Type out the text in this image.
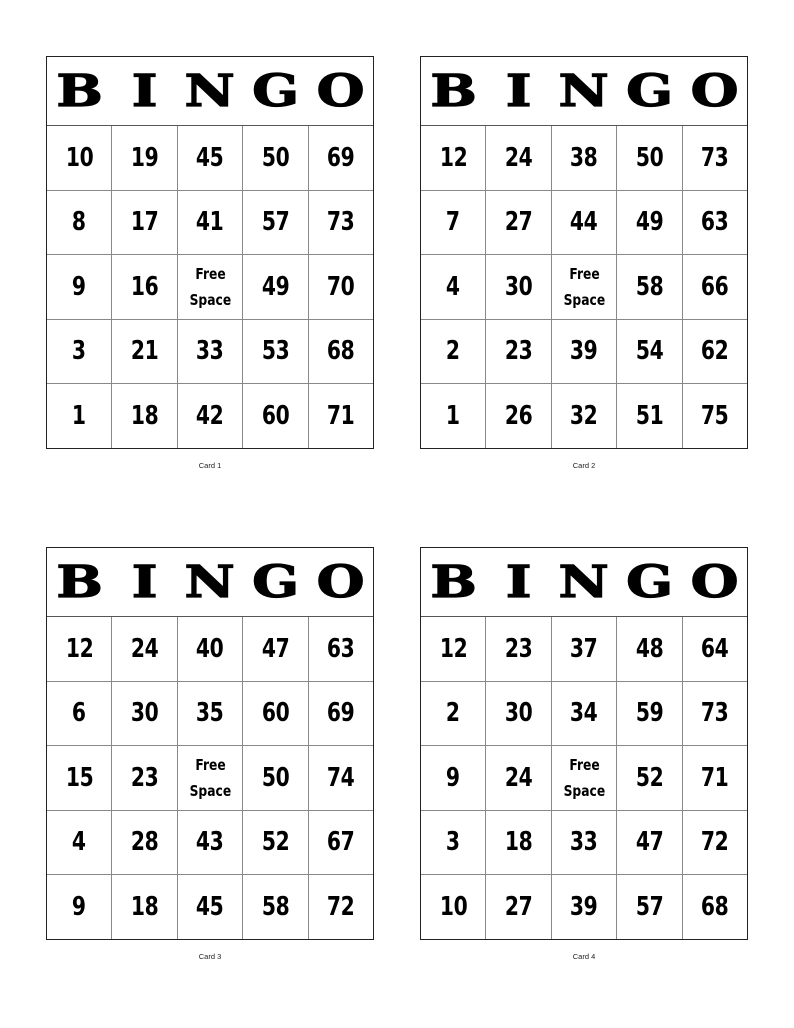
B I N G O
10 19 45 50 69
8 17 41 57 73
9 16 Free
Space 49 70
3 21 33 53 68
1 18 42 60 71
Card 1
B I N G O
12 24 38 50 73
7 27 44 49 63
4 30 Free
Space 58 66
2 23 39 54 62
1 26 32 51 75
Card 2
B I N G O
12 24 40 47 63
6 30 35 60 69
15 23 Free
Space 50 74
4 28 43 52 67
9 18 45 58 72
Card 3
B I N G O
12 23 37 48 64
2 30 34 59 73
9 24 Free
Space 52 71
3 18 33 47 72
10 27 39 57 68
Card 4
